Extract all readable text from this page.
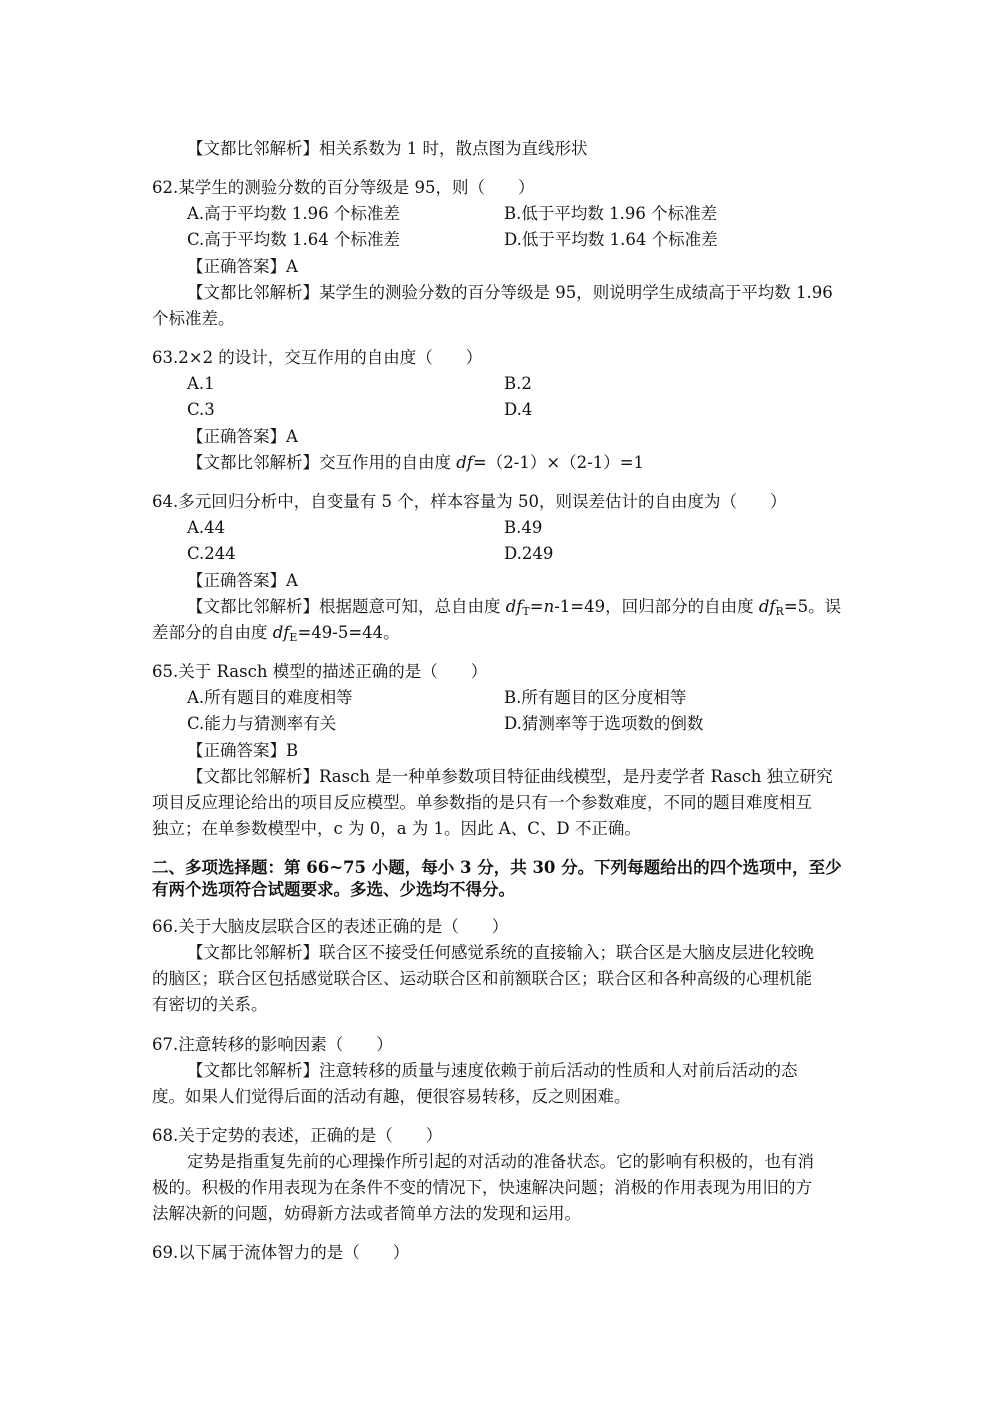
【文都比邻解析】相关系数为 1 时，散点图为直线形状
62.某学生的测验分数的百分等级是 95，则（　　）
A.高于平均数 1.96 个标准差	B.低于平均数 1.96 个标准差
C.高于平均数 1.64 个标准差	D.低于平均数 1.64 个标准差
【正确答案】A
【文都比邻解析】某学生的测验分数的百分等级是 95，则说明学生成绩高于平均数 1.96
个标准差。
63.2×2 的设计，交互作用的自由度（　　）
A.1	B.2
C.3	D.4
【正确答案】A
【文都比邻解析】交互作用的自由度 df=（2-1）×（2-1）=1
64.多元回归分析中，自变量有 5 个，样本容量为 50，则误差估计的自由度为（　　）
A.44	B.49
C.244	D.249
【正确答案】A
【文都比邻解析】根据题意可知，总自由度 $df_T=n-1=49$，回归部分的自由度 $df_R=5$。误
差部分的自由度 $df_E=49-5=44$。
65.关于 Rasch 模型的描述正确的是（　　）
A.所有题目的难度相等	B.所有题目的区分度相等
C.能力与猜测率有关	D.猜测率等于选项数的倒数
【正确答案】B
【文都比邻解析】Rasch 是一种单参数项目特征曲线模型，是丹麦学者 Rasch 独立研究
项目反应理论给出的项目反应模型。单参数指的是只有一个参数难度，不同的题目难度相互
独立；在单参数模型中，c 为 0，a 为 1。因此 A、C、D 不正确。
二、多项选择题：第 66~75 小题，每小 3 分，共 30 分。下列每题给出的四个选项中，至少
有两个选项符合试题要求。多选、少选均不得分。
66.关于大脑皮层联合区的表述正确的是（　　）
【文都比邻解析】联合区不接受任何感觉系统的直接输入；联合区是大脑皮层进化较晚
的脑区；联合区包括感觉联合区、运动联合区和前额联合区；联合区和各种高级的心理机能
有密切的关系。
67.注意转移的影响因素（　　）
【文都比邻解析】注意转移的质量与速度依赖于前后活动的性质和人对前后活动的态
度。如果人们觉得后面的活动有趣，便很容易转移，反之则困难。
68.关于定势的表述，正确的是（　　）
定势是指重复先前的心理操作所引起的对活动的准备状态。它的影响有积极的，也有消
极的。积极的作用表现为在条件不变的情况下，快速解决问题；消极的作用表现为用旧的方
法解决新的问题，妨碍新方法或者简单方法的发现和运用。
69.以下属于流体智力的是（　　）
